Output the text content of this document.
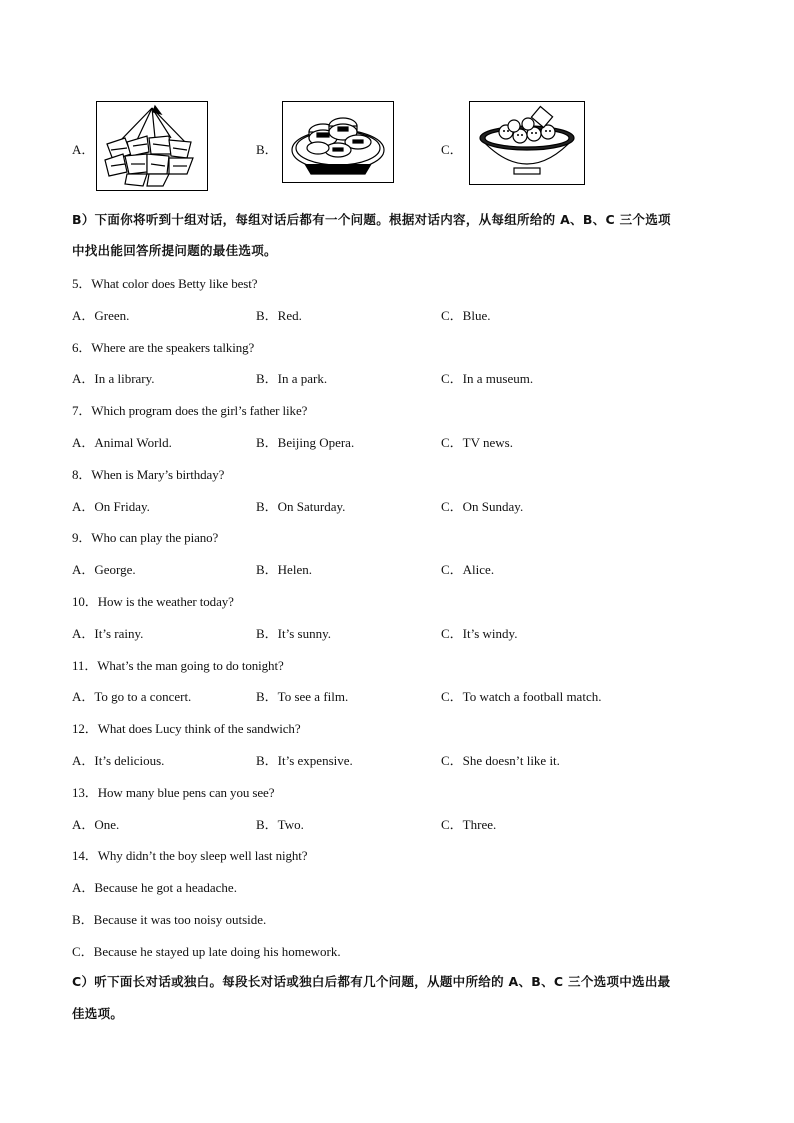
A．	B．	C．
B）下面你将听到十组对话，每组对话后都有一个问题。根据对话内容，从每组所给的 A、B、C 三个选项
中找出能回答所提问题的最佳选项。
5．What color does Betty like best?
A．Green.	B．Red.	C．Blue.
6．Where are the speakers talking?
A．In a library.	B．In a park.	C．In a museum.
7．Which program does the girl’s father like?
A．Animal World.	B．Beijing Opera.	C．TV news.
8．When is Mary’s birthday?
A．On Friday.	B．On Saturday.	C．On Sunday.
9．Who can play the piano?
A．George.	B．Helen.	C．Alice.
10．How is the weather today?
A．It’s rainy.	B．It’s sunny.	C．It’s windy.
11．What’s the man going to do tonight?
A．To go to a concert.	B．To see a film.	C．To watch a football match.
12．What does Lucy think of the sandwich?
A．It’s delicious.	B．It’s expensive.	C．She doesn’t like it.
13．How many blue pens can you see?
A．One.	B．Two.	C．Three.
14．Why didn’t the boy sleep well last night?
A．Because he got a headache.
B．Because it was too noisy outside.
C．Because he stayed up late doing his homework.
C）听下面长对话或独白。每段长对话或独白后都有几个问题，从题中所给的 A、B、C 三个选项中选出最
佳选项。
